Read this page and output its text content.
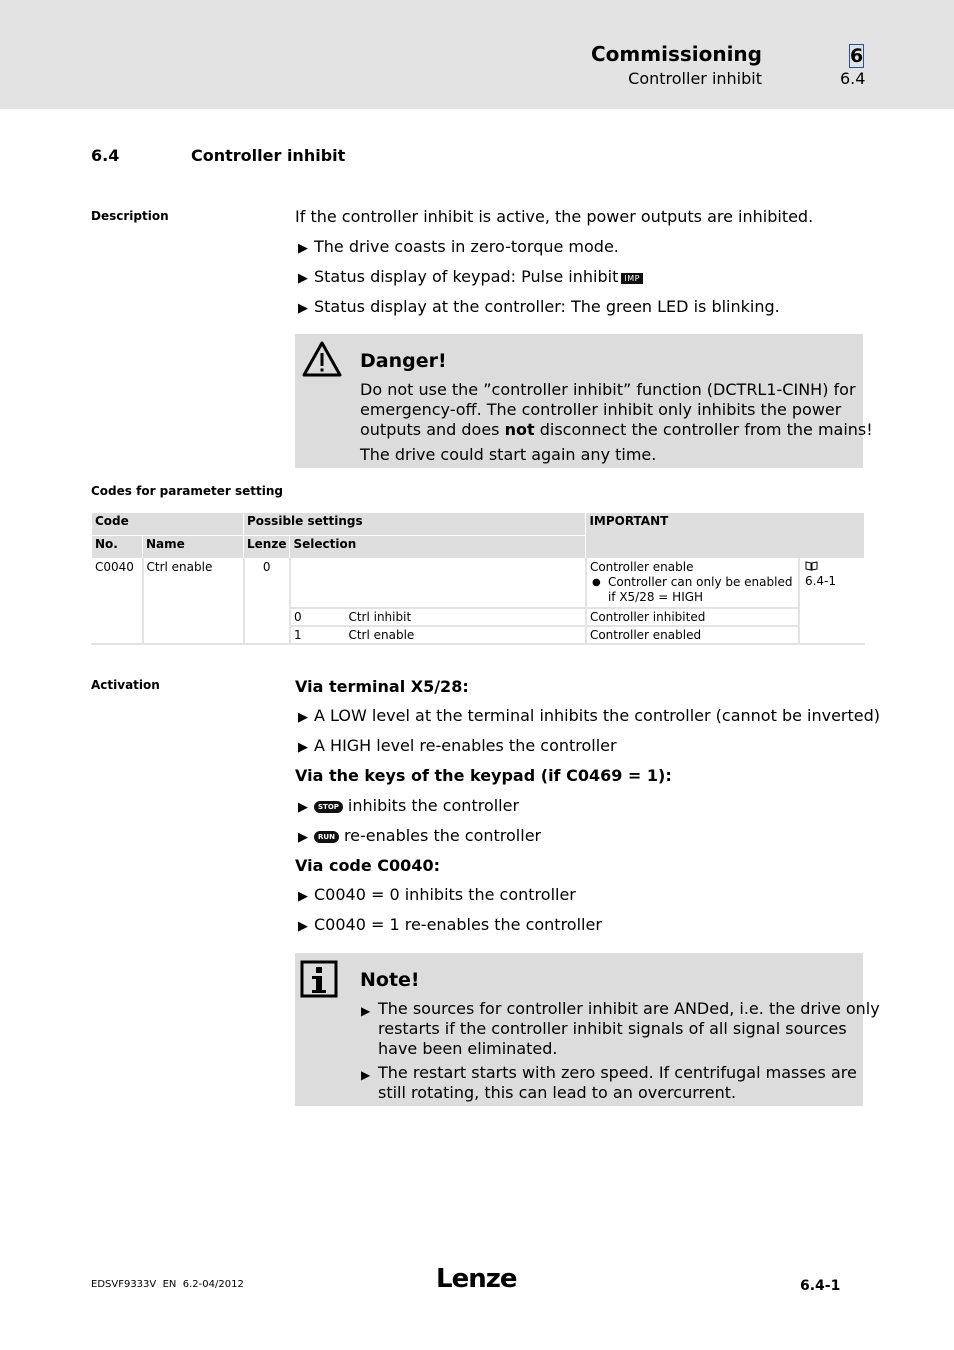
Commissioning
Controller inhibit
6
6.4
6.4	Controller inhibit
Description	If the controller inhibit is active, the power outputs are inhibited.
▶ The drive coasts in zero-torque mode.
▶ Status display of keypad: Pulse inhibit IMP
▶ Status display at the controller: The green LED is blinking.
Danger!
Do not use the ”controller inhibit” function (DCTRL1-CINH) for
emergency-off. The controller inhibit only inhibits the power
outputs and does not disconnect the controller from the mains!
The drive could start again any time.
Codes for parameter setting
Code		Possible settings			IMPORTANT	
No.	Name	Lenze	Selection			
C0040	Ctrl enable	0			Controller enable
● Controller can only be enabled
if X5/28 = HIGH	6.4-1

			0	Ctrl inhibit	Controller inhibited	
			1	Ctrl enable	Controller enabled	
Activation	Via terminal X5/28:
▶ A LOW level at the terminal inhibits the controller (cannot be inverted)
▶ A HIGH level re-enables the controller
Via the keys of the keypad (if C0469 = 1):
▶ STOP inhibits the controller
▶ RUN re-enables the controller
Via code C0040:
▶ C0040 = 0 inhibits the controller
▶ C0040 = 1 re-enables the controller
Note!
▶ The sources for controller inhibit are ANDed, i.e. the drive only
restarts if the controller inhibit signals of all signal sources
have been eliminated.
▶ The restart starts with zero speed. If centrifugal masses are
still rotating, this can lead to an overcurrent.
EDSVF9333V  EN  6.2-04/2012	Lenze	6.4-1
